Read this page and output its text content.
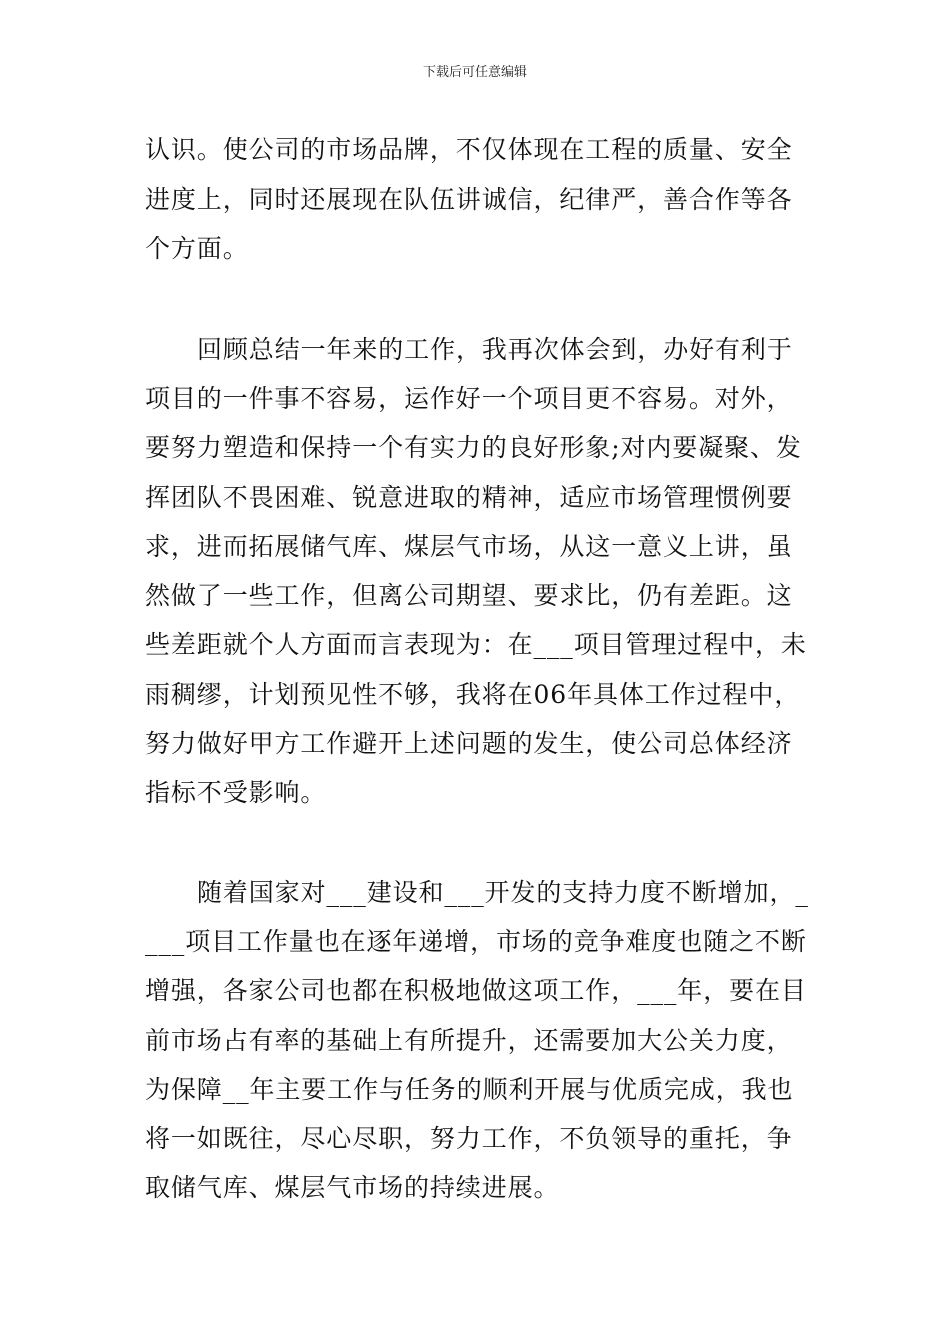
下载后可任意编辑
认识。使公司的市场品牌，不仅体现在工程的质量、安全
进度上，同时还展现在队伍讲诚信，纪律严，善合作等各
个方面。
回顾总结一年来的工作，我再次体会到，办好有利于
项目的一件事不容易，运作好一个项目更不容易。对外，
要努力塑造和保持一个有实力的良好形象;对内要凝聚、发
挥团队不畏困难、锐意进取的精神，适应市场管理惯例要
求，进而拓展储气库、煤层气市场，从这一意义上讲，虽
然做了一些工作，但离公司期望、要求比，仍有差距。这
些差距就个人方面而言表现为：在___项目管理过程中，未
雨稠缪，计划预见性不够，我将在06年具体工作过程中，
努力做好甲方工作避开上述问题的发生，使公司总体经济
指标不受影响。
随着国家对___建设和___开发的支持力度不断增加，_
___项目工作量也在逐年递增，市场的竞争难度也随之不断
增强，各家公司也都在积极地做这项工作，___年，要在目
前市场占有率的基础上有所提升，还需要加大公关力度，
为保障__年主要工作与任务的顺利开展与优质完成，我也
将一如既往，尽心尽职，努力工作，不负领导的重托，争
取储气库、煤层气市场的持续进展。
